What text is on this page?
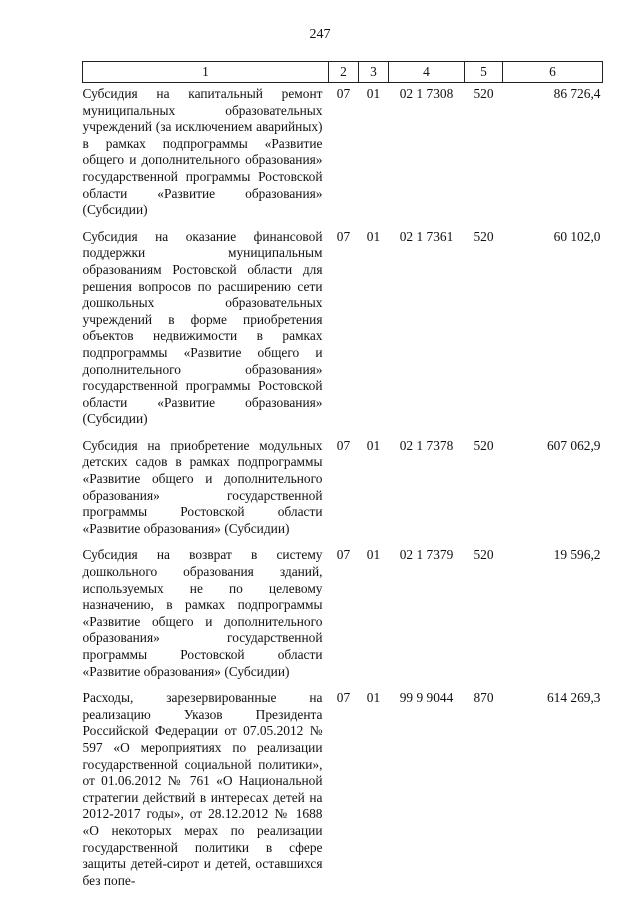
247
1	2	3	4	5	6

Субсидия на капитальный ремонт муниципальных образовательных учреждений (за исключением аварийных) в рамках подпрограммы «Развитие общего и дополнительного образования» государственной программы Ростовской области «Развитие образования» (Субсидии)	07	01	02 1 7308	520	86 726,4

Субсидия на оказание финансовой поддержки муниципальным образованиям Ростовской области для решения вопросов по расширению сети дошкольных образовательных учреждений в форме приобретения объектов недвижимости в рамках подпрограммы «Развитие общего и дополнительного образования» государственной программы Ростовской области «Развитие образования» (Субсидии)	07	01	02 1 7361	520	60 102,0

Субсидия на приобретение модульных детских садов в рамках подпрограммы «Развитие общего и дополнительного образования» государственной программы Ростовской области «Развитие образования» (Субсидии)	07	01	02 1 7378	520	607 062,9

Субсидия на возврат в систему дошкольного образования зданий, используемых не по целевому назначению, в рамках подпрограммы «Развитие общего и дополнительного образования» государственной программы Ростовской области «Развитие образования» (Субсидии)	07	01	02 1 7379	520	19 596,2

Расходы, зарезервированные на реализацию Указов Президента Российской Федерации от 07.05.2012 № 597 «О мероприятиях по реализации государственной социальной политики», от 01.06.2012 № 761 «О Национальной стратегии действий в интересах детей на 2012-2017 годы», от 28.12.2012 № 1688 «О некоторых мерах по реализации государственной политики в сфере защиты детей-сирот и детей, оставшихся без попе-	07	01	99 9 9044	870	614 269,3
